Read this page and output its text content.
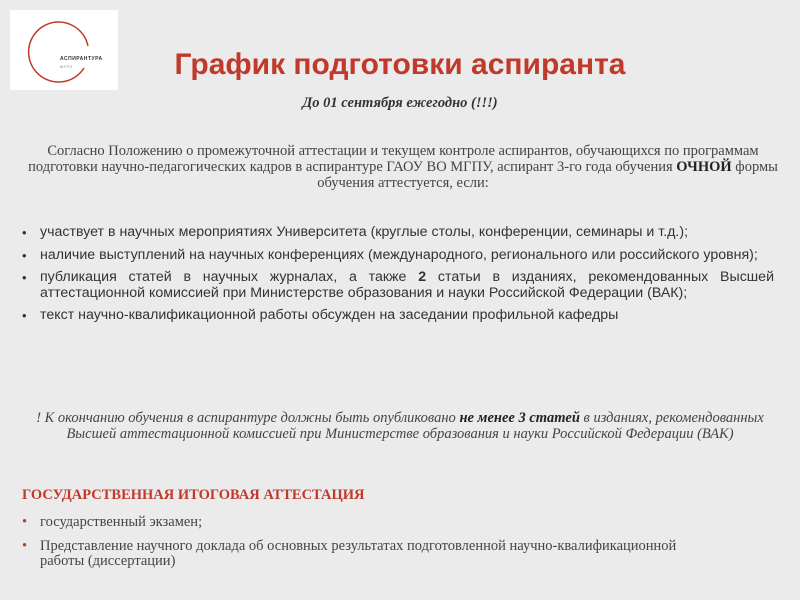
АСПИРАНТУРА
МГПУ	График подготовки аспиранта
До 01 сентября ежегодно (!!!)
Согласно Положению о промежуточной аттестации и текущем контроле аспирантов, обучающихся по программам подготовки научно-педагогических кадров в аспирантуре ГАОУ ВО МГПУ, аспирант 3-го года обучения ОЧНОЙ формы обучения аттестуется, если:
• участвует в научных мероприятиях Университета (круглые столы, конференции, семинары и т.д.);
• наличие выступлений на научных конференциях (международного, регионального или российского уровня);
• публикация статей в научных журналах, а также 2 статьи в изданиях, рекомендованных Высшей аттестационной комиссией при Министерстве образования и науки Российской Федерации (ВАК);
• текст научно-квалификационной работы обсужден на заседании профильной кафедры
! К окончанию обучения в аспирантуре должны быть опубликовано не менее 3 статей в изданиях, рекомендованных Высшей аттестационной комиссией при Министерстве образования и науки Российской Федерации (ВАК)
ГОСУДАРСТВЕННАЯ ИТОГОВАЯ АТТЕСТАЦИЯ
• государственный экзамен;
• Представление научного доклада об основных результатах подготовленной научно-квалификационной работы (диссертации)
